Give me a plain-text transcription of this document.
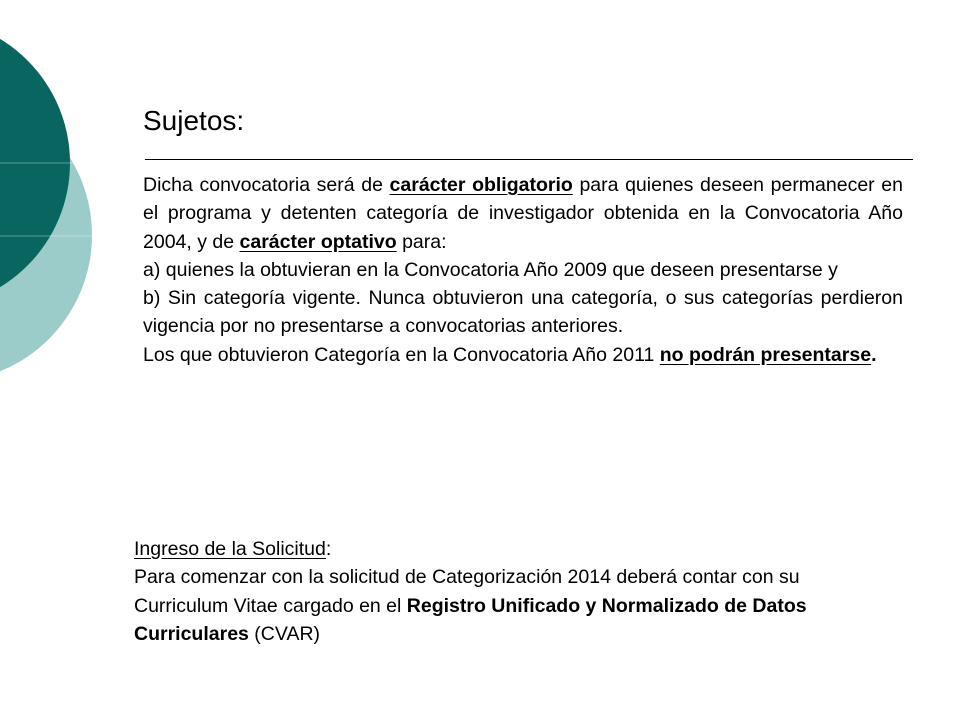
Sujetos:

Dicha convocatoria será de carácter obligatorio para quienes deseen permanecer en el programa y detenten categoría de investigador obtenida en la Convocatoria Año 2004, y de carácter optativo para:

a) quienes la obtuvieran en la Convocatoria Año 2009 que deseen presentarse y

b) Sin categoría vigente. Nunca obtuvieron una categoría, o sus categorías perdieron vigencia por no presentarse a convocatorias anteriores.

Los que obtuvieron Categoría en la Convocatoria Año 2011 no podrán presentarse.

Ingreso de la Solicitud:

Para comenzar con la solicitud de Categorización 2014 deberá contar con su Curriculum Vitae cargado en el Registro Unificado y Normalizado de Datos Curriculares (CVAR)
